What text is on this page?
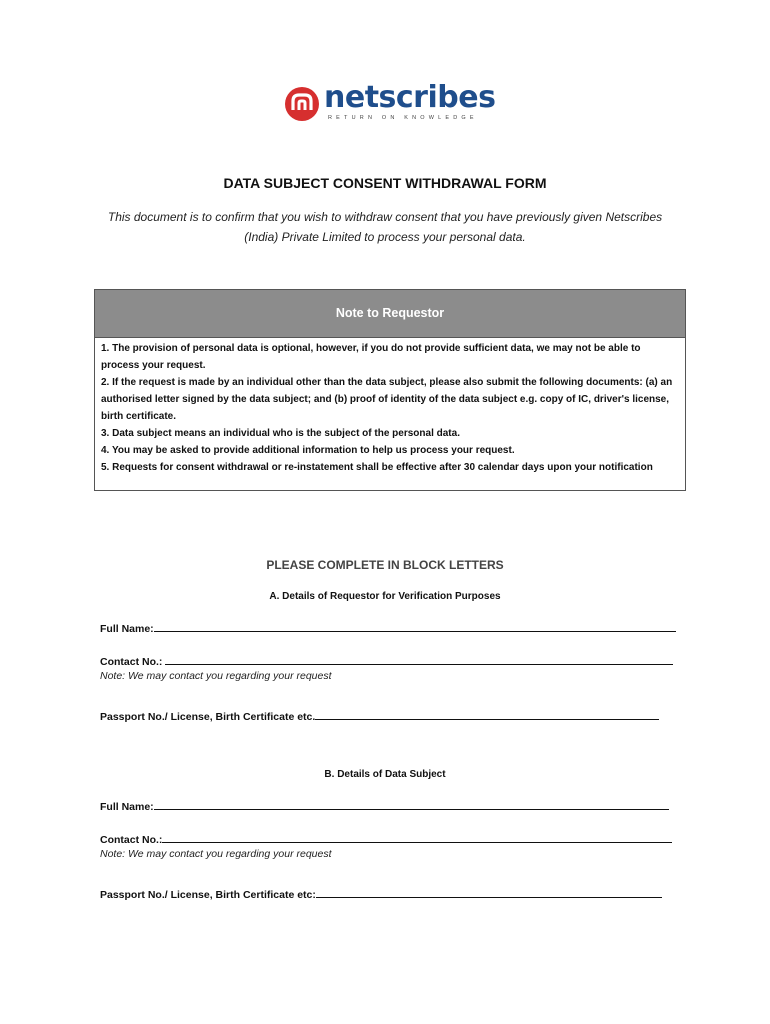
netscribes
RETURN ON KNOWLEDGE
DATA SUBJECT CONSENT WITHDRAWAL FORM

This document is to confirm that you wish to withdraw consent that you have previously given Netscribes (India) Private Limited to process your personal data.

Note to Requestor
1. The provision of personal data is optional, however, if you do not provide sufficient data, we may not be able to process your request.
2. If the request is made by an individual other than the data subject, please also submit the following documents: (a) an authorised letter signed by the data subject; and (b) proof of identity of the data subject e.g. copy of IC, driver's license, birth certificate.
3. Data subject means an individual who is the subject of the personal data.
4. You may be asked to provide additional information to help us process your request.
5. Requests for consent withdrawal or re-instatement shall be effective after 30 calendar days upon your notification
PLEASE COMPLETE IN BLOCK LETTERS
A. Details of Requestor for Verification Purposes
Full Name:
Contact No.:
Note: We may contact you regarding your request
Passport No./ License, Birth Certificate etc.
B. Details of Data Subject
Full Name:
Contact No.:
Note: We may contact you regarding your request
Passport No./ License, Birth Certificate etc:
